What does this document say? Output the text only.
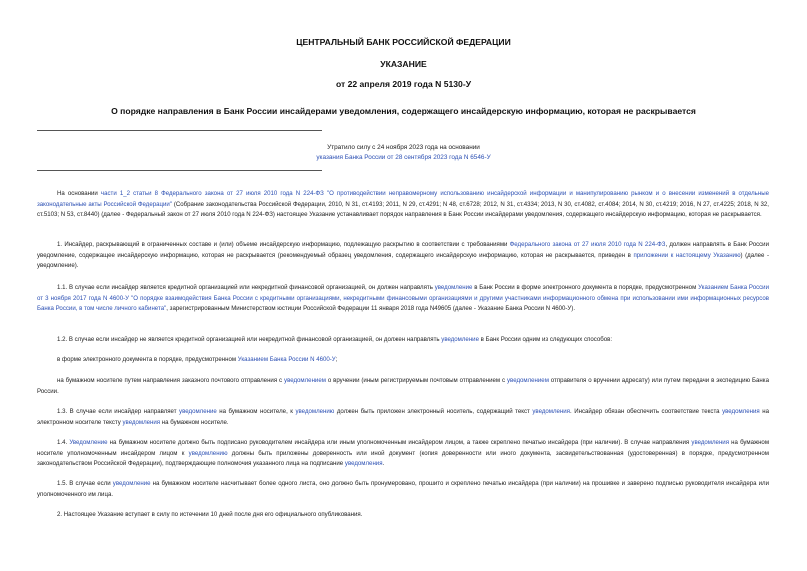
ЦЕНТРАЛЬНЫЙ БАНК РОССИЙСКОЙ ФЕДЕРАЦИИ
УКАЗАНИЕ
от 22 апреля 2019 года N 5130-У
О порядке направления в Банк России инсайдерами уведомления, содержащего инсайдерскую информацию, которая не раскрывается
Утратило силу с 24 ноября 2023 года на основании
указания Банка России от 28 сентября 2023 года N 6546-У

На основании части 1_2 статьи 8 Федерального закона от 27 июля 2010 года N 224-ФЗ "О противодействии неправомерному использованию инсайдерской информации и манипулированию рынком и о внесении изменений в отдельные законодательные акты Российской Федерации" (Собрание законодательства Российской Федерации, 2010, N 31, ст.4193; 2011, N 29, ст.4291; N 48, ст.6728; 2012, N 31, ст.4334; 2013, N 30, ст.4082, ст.4084; 2014, N 30, ст.4219; 2016, N 27, ст.4225; 2018, N 32, ст.5103; N 53, ст.8440) (далее - Федеральный закон от 27 июля 2010 года N 224-ФЗ) настоящее Указание устанавливает порядок направления в Банк России инсайдерами уведомления, содержащего инсайдерскую информацию, которая не раскрывается.

1. Инсайдер, раскрывающий в ограниченных составе и (или) объеме инсайдерскую информацию, подлежащую раскрытию в соответствии с требованиями Федерального закона от 27 июля 2010 года N 224-ФЗ, должен направлять в Банк России уведомление, содержащее инсайдерскую информацию, которая не раскрывается (рекомендуемый образец уведомления, содержащего инсайдерскую информацию, которая не раскрывается, приведен в приложении к настоящему Указанию) (далее - уведомление).

1.1. В случае если инсайдер является кредитной организацией или некредитной финансовой организацией, он должен направлять уведомление в Банк России в форме электронного документа в порядке, предусмотренном Указанием Банка России от 3 ноября 2017 года N 4600-У "О порядке взаимодействия Банка России с кредитными организациями, некредитными финансовыми организациями и другими участниками информационного обмена при использовании ими информационных ресурсов Банка России, в том числе личного кабинета", зарегистрированным Министерством юстиции Российской Федерации 11 января 2018 года N49605 (далее - Указание Банка России N 4600-У).

1.2. В случае если инсайдер не является кредитной организацией или некредитной финансовой организацией, он должен направлять уведомление в Банк России одним из следующих способов:

в форме электронного документа в порядке, предусмотренном Указанием Банка России N 4600-У;

на бумажном носителе путем направления заказного почтового отправления с уведомлением о вручении (иным регистрируемым почтовым отправлением с уведомлением отправителя о вручении адресату) или путем передачи в экспедицию Банка России.

1.3. В случае если инсайдер направляет уведомление на бумажном носителе, к уведомлению должен быть приложен электронный носитель, содержащий текст уведомления. Инсайдер обязан обеспечить соответствие текста уведомления на электронном носителе тексту уведомления на бумажном носителе.

1.4. Уведомление на бумажном носителе должно быть подписано руководителем инсайдера или иным уполномоченным инсайдером лицом, а также скреплено печатью инсайдера (при наличии). В случае направления уведомления на бумажном носителе уполномоченным инсайдером лицом к уведомлению должны быть приложены доверенность или иной документ (копия доверенности или иного документа, засвидетельствованная (удостоверенная) в порядке, предусмотренном законодательством Российской Федерации), подтверждающие полномочия указанного лица на подписание уведомления.

1.5. В случае если уведомление на бумажном носителе насчитывает более одного листа, оно должно быть пронумеровано, прошито и скреплено печатью инсайдера (при наличии) на прошивке и заверено подписью руководителя инсайдера или уполномоченного им лица.

2. Настоящее Указание вступает в силу по истечении 10 дней после дня его официального опубликования.
